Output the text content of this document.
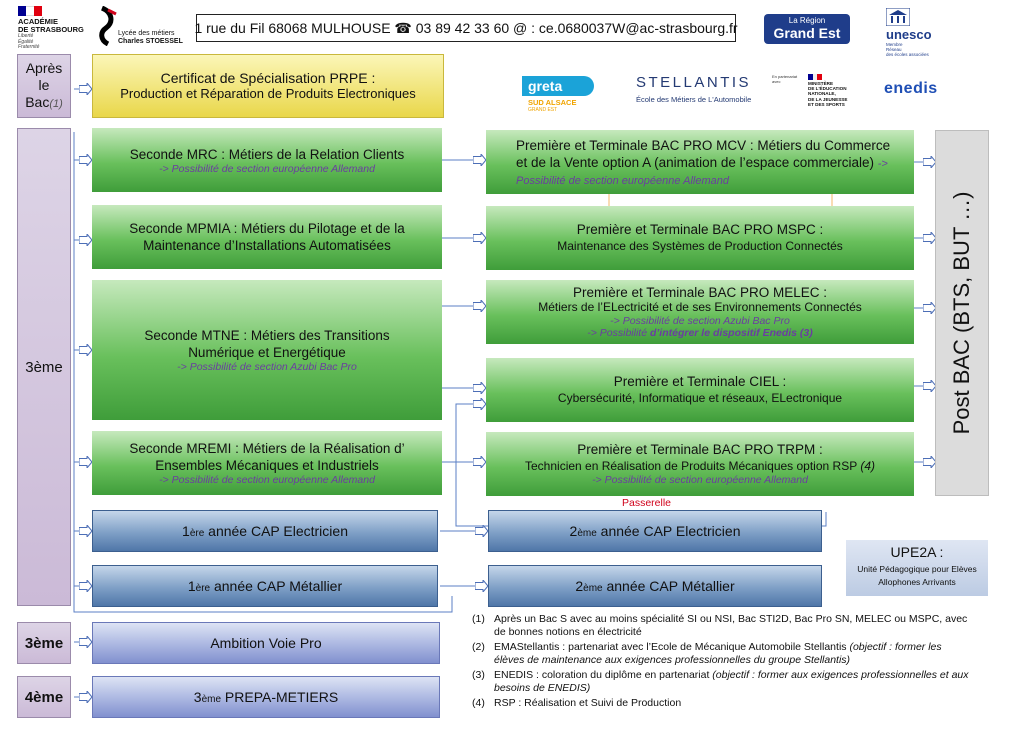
ACADÉMIE
DE STRASBOURG
Liberté
Égalité
Fraternité
Lycée des métiers
Charles STOESSEL
1 rue du Fil 68068 MULHOUSE ☎ 03 89 42 33 60 @ : ce.0680037W@ac-strasbourg.fr	La Région
Grand Est	unesco
Membre
Réseau
des écoles associées
greta
SUD ALSACE
GRAND EST
STELLANTIS
École des Métiers de L'Automobile
En partenariat avec	MINISTÈRE
DE L'ÉDUCATION
NATIONALE,
DE LA JEUNESSE
ET DES SPORTS
enedis
Après
le
Bac(1)
3ème
3ème
4ème
Certificat de Spécialisation PRPE :
Production et Réparation de Produits Electroniques
Seconde MRC : Métiers de la Relation Clients
-> Possibilité de section européenne Allemand
Seconde MPMIA : Métiers du Pilotage et de la Maintenance d’Installations Automatisées
Seconde MTNE : Métiers des Transitions Numérique et Energétique
-> Possibilité de section Azubi Bac Pro
Seconde MREMI : Métiers de la Réalisation d’ Ensembles Mécaniques et Industriels
-> Possibilité de section européenne Allemand
Première et Terminale BAC PRO MCV : Métiers du Commerce et de la Vente option A (animation de l’espace commerciale) -> Possibilité de section européenne Allemand
Première et Terminale BAC PRO MSPC :
Maintenance des Systèmes de Production Connectés
Première et Terminale BAC PRO MELEC :
Métiers de l’ELectricité et de ses Environnements Connectés
-> Possibilité de section Azubi Bac Pro
-> Possibilité d’intégrer le dispositif Enedis (3)
Première et Terminale CIEL :
Cybersécurité, Informatique et réseaux, ELectronique
Première et Terminale BAC PRO TRPM :
Technicien en Réalisation de Produits Mécaniques option RSP (4)
-> Possibilité de section européenne Allemand
Passerelle
Post BAC (BTS, BUT …)
1ère année CAP Electricien	2ème année CAP Electricien
1ère année CAP Métallier	2ème année CAP Métallier
UPE2A :
Unité Pédagogique pour Elèves
Allophones Arrivants
Ambition Voie Pro
3ème PREPA-METIERS
(1) Après un Bac S avec au moins spécialité SI ou NSI, Bac STI2D, Bac Pro SN, MELEC ou MSPC, avec de bonnes notions en électricité
(2) EMAStellantis : partenariat avec l’Ecole de Mécanique Automobile Stellantis (objectif : former les élèves de maintenance aux exigences professionnelles du groupe Stellantis)
(3) ENEDIS : coloration du diplôme en partenariat (objectif : former aux exigences professionnelles et aux besoins de ENEDIS)
(4) RSP : Réalisation et Suivi de Production
